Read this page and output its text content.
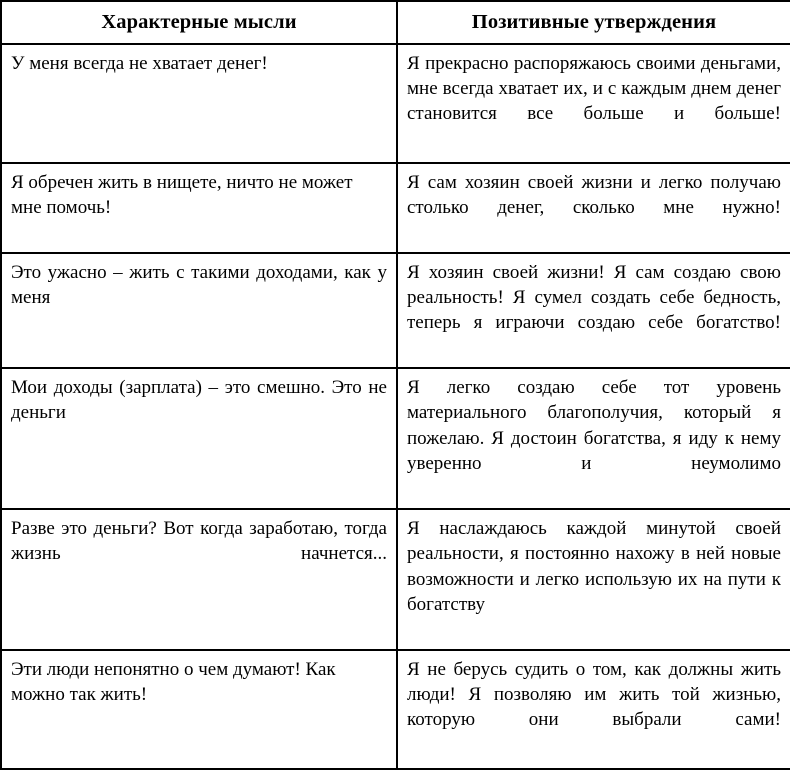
Характерные мысли	Позитивные утверждения

У меня всегда не хватает денег!	Я прекрасно распоряжаюсь своими деньгами, мне всегда хватает их, и с каждым днем денег становится все больше и больше!

Я обречен жить в нищете, ничто не может мне помочь!	Я сам хозяин своей жизни и легко получаю столько денег, сколько мне нужно!

Это ужасно – жить с такими доходами, как у меня	Я хозяин своей жизни! Я сам создаю свою реальность! Я сумел создать себе бедность, теперь я играючи создаю себе богатство!

Мои доходы (зарплата) – это смешно. Это не деньги	Я легко создаю себе тот уровень материального благополучия, который я пожелаю. Я достоин богатства, я иду к нему уверенно и неумолимо

Разве это деньги? Вот когда заработаю, тогда жизнь начнется...	Я наслаждаюсь каждой минутой своей реальности, я постоянно нахожу в ней новые возможности и легко использую их на пути к богатству

Эти люди непонятно о чем думают! Как можно так жить!	Я не берусь судить о том, как должны жить люди! Я позволяю им жить той жизнью, которую они выбрали сами!
